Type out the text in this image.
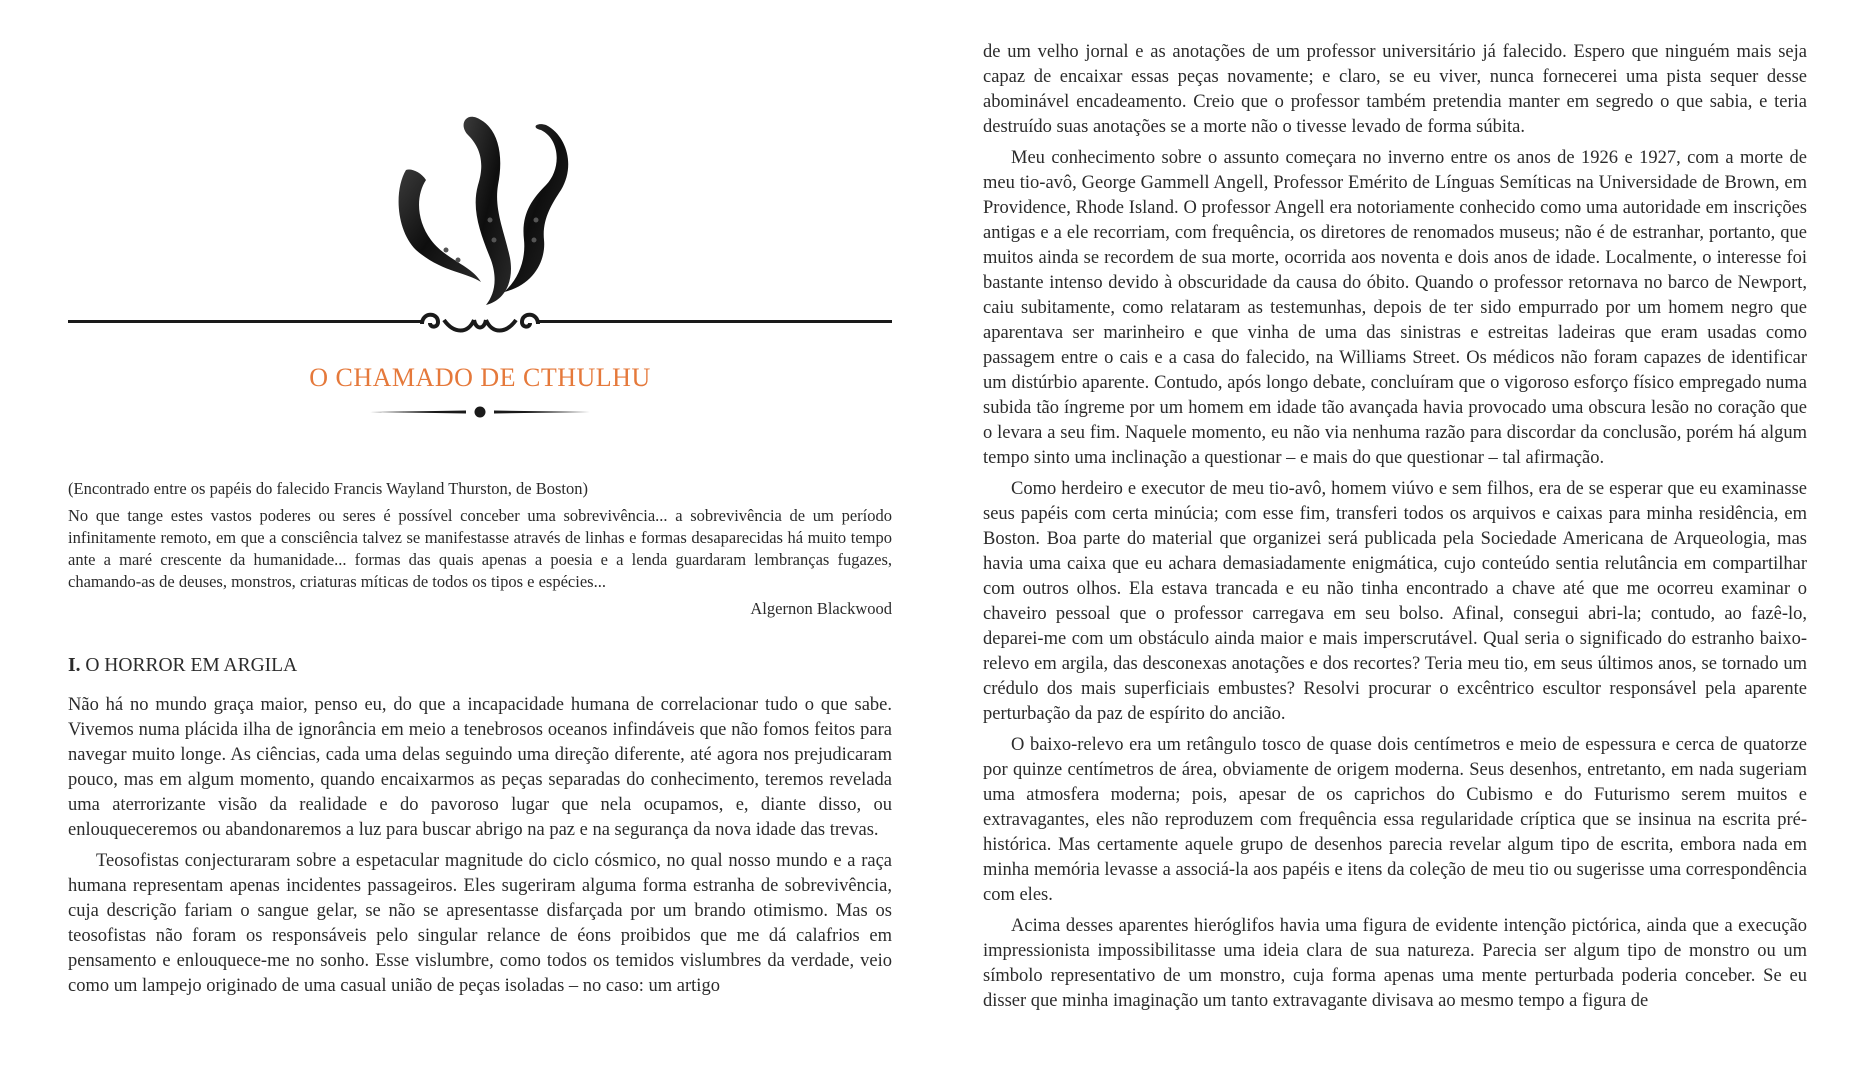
O CHAMADO DE CTHULHU
(Encontrado entre os papéis do falecido Francis Wayland Thurston, de Boston)

No que tange estes vastos poderes ou seres é possível conceber uma sobrevivência... a sobrevivência de um período infinitamente remoto, em que a consciência talvez se manifestasse através de linhas e formas desaparecidas há muito tempo ante a maré crescente da humanidade... formas das quais apenas a poesia e a lenda guardaram lembranças fugazes, chamando-as de deuses, monstros, criaturas míticas de todos os tipos e espécies...

Algernon Blackwood
I. O HORROR EM ARGILA

Não há no mundo graça maior, penso eu, do que a incapacidade humana de correlacionar tudo o que sabe. Vivemos numa plácida ilha de ignorância em meio a tenebrosos oceanos infindáveis que não fomos feitos para navegar muito longe. As ciências, cada uma delas seguindo uma direção diferente, até agora nos prejudicaram pouco, mas em algum momento, quando encaixarmos as peças separadas do conhecimento, teremos revelada uma aterrorizante visão da realidade e do pavoroso lugar que nela ocupamos, e, diante disso, ou enlouqueceremos ou abandonaremos a luz para buscar abrigo na paz e na segurança da nova idade das trevas.

Teosofistas conjecturaram sobre a espetacular magnitude do ciclo cósmico, no qual nosso mundo e a raça humana representam apenas incidentes passageiros. Eles sugeriram alguma forma estranha de sobrevivência, cuja descrição fariam o sangue gelar, se não se apresentasse disfarçada por um brando otimismo. Mas os teosofistas não foram os responsáveis pelo singular relance de éons proibidos que me dá calafrios em pensamento e enlouquece-me no sonho. Esse vislumbre, como todos os temidos vislumbres da verdade, veio como um lampejo originado de uma casual união de peças isoladas – no caso: um artigo

de um velho jornal e as anotações de um professor universitário já falecido. Espero que ninguém mais seja capaz de encaixar essas peças novamente; e claro, se eu viver, nunca fornecerei uma pista sequer desse abominável encadeamento. Creio que o professor também pretendia manter em segredo o que sabia, e teria destruído suas anotações se a morte não o tivesse levado de forma súbita.

Meu conhecimento sobre o assunto começara no inverno entre os anos de 1926 e 1927, com a morte de meu tio-avô, George Gammell Angell, Professor Emérito de Línguas Semíticas na Universidade de Brown, em Providence, Rhode Island. O professor Angell era notoriamente conhecido como uma autoridade em inscrições antigas e a ele recorriam, com frequência, os diretores de renomados museus; não é de estranhar, portanto, que muitos ainda se recordem de sua morte, ocorrida aos noventa e dois anos de idade. Localmente, o interesse foi bastante intenso devido à obscuridade da causa do óbito. Quando o professor retornava no barco de Newport, caiu subitamente, como relataram as testemunhas, depois de ter sido empurrado por um homem negro que aparentava ser marinheiro e que vinha de uma das sinistras e estreitas ladeiras que eram usadas como passagem entre o cais e a casa do falecido, na Williams Street. Os médicos não foram capazes de identificar um distúrbio aparente. Contudo, após longo debate, concluíram que o vigoroso esforço físico empregado numa subida tão íngreme por um homem em idade tão avançada havia provocado uma obscura lesão no coração que o levara a seu fim. Naquele momento, eu não via nenhuma razão para discordar da conclusão, porém há algum tempo sinto uma inclinação a questionar – e mais do que questionar – tal afirmação.

Como herdeiro e executor de meu tio-avô, homem viúvo e sem filhos, era de se esperar que eu examinasse seus papéis com certa minúcia; com esse fim, transferi todos os arquivos e caixas para minha residência, em Boston. Boa parte do material que organizei será publicada pela Sociedade Americana de Arqueologia, mas havia uma caixa que eu achara demasiadamente enigmática, cujo conteúdo sentia relutância em compartilhar com outros olhos. Ela estava trancada e eu não tinha encontrado a chave até que me ocorreu examinar o chaveiro pessoal que o professor carregava em seu bolso. Afinal, consegui abri-la; contudo, ao fazê-lo, deparei-me com um obstáculo ainda maior e mais imperscrutável. Qual seria o significado do estranho baixo-relevo em argila, das desconexas anotações e dos recortes? Teria meu tio, em seus últimos anos, se tornado um crédulo dos mais superficiais embustes? Resolvi procurar o excêntrico escultor responsável pela aparente perturbação da paz de espírito do ancião.

O baixo-relevo era um retângulo tosco de quase dois centímetros e meio de espessura e cerca de quatorze por quinze centímetros de área, obviamente de origem moderna. Seus desenhos, entretanto, em nada sugeriam uma atmosfera moderna; pois, apesar de os caprichos do Cubismo e do Futurismo serem muitos e extravagantes, eles não reproduzem com frequência essa regularidade críptica que se insinua na escrita pré-histórica. Mas certamente aquele grupo de desenhos parecia revelar algum tipo de escrita, embora nada em minha memória levasse a associá-la aos papéis e itens da coleção de meu tio ou sugerisse uma correspondência com eles.

Acima desses aparentes hieróglifos havia uma figura de evidente intenção pictórica, ainda que a execução impressionista impossibilitasse uma ideia clara de sua natureza. Parecia ser algum tipo de monstro ou um símbolo representativo de um monstro, cuja forma apenas uma mente perturbada poderia conceber. Se eu disser que minha imaginação um tanto extravagante divisava ao mesmo tempo a figura de
